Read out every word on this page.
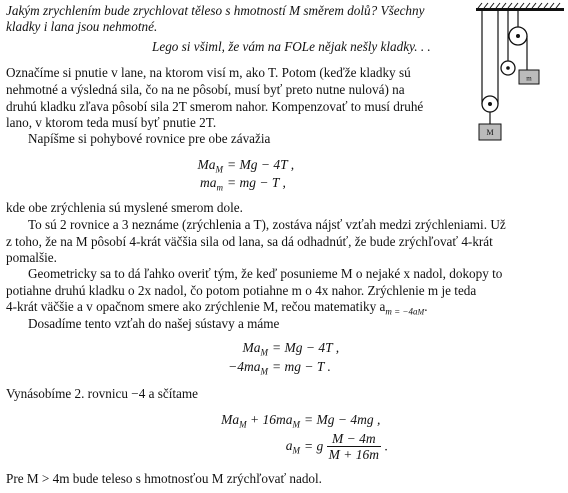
Jakým zrychlením bude zrychlovat těleso s hmotností M směrem dolů? Všechny
kladky i lana jsou nehmotné.
Lego si všiml, že vám na FOLe nějak nešly kladky. . .
m
M
Označíme si pnutie v lane, na ktorom visí m, ako T. Potom (keďže kladky sú
nehmotné a výsledná sila, čo na ne pôsobí, musí byť preto nutne nulová) na
druhú kladku zľava pôsobí sila 2T smerom nahor. Kompenzovať to musí druhé
lano, v ktorom teda musí byť pnutie 2T.
Napíšme si pohybové rovnice pre obe závažia
$Ma_M = Mg - 4T$ ,
$ma_m$ = mg − T ,
kde obe zrýchlenia sú myslené smerom dole.
To sú 2 rovnice a 3 neznáme (zrýchlenia a T), zostáva nájsť vzťah medzi zrýchleniami. Už
z toho, že na M pôsobí 4-krát väčšia sila od lana, sa dá odhadnúť, že bude zrýchľovať 4-krát
pomalšie.
Geometricky sa to dá ľahko overiť tým, že keď posunieme M o nejaké x nadol, dokopy to
potiahne druhú kladku o 2x nadol, čo potom potiahne m o 4x nahor. Zrýchlenie m je teda
4-krát väčšie a v opačnom smere ako zrýchlenie M, rečou matematiky $a_{m = -4aM}$.
Dosadíme tento vzťah do našej sústavy a máme
$Ma_M = Mg - 4T$ ,
$-4ma_M$ = mg − T .
Vynásobíme 2. rovnicu −4 a sčítame
$Ma_M + 16ma_M = Mg - 4mg$ ,
$a_M = g \frac{M - 4m}{M + 16m}$ .
Pre M > 4m bude teleso s hmotnosťou M zrýchľovať nadol.
